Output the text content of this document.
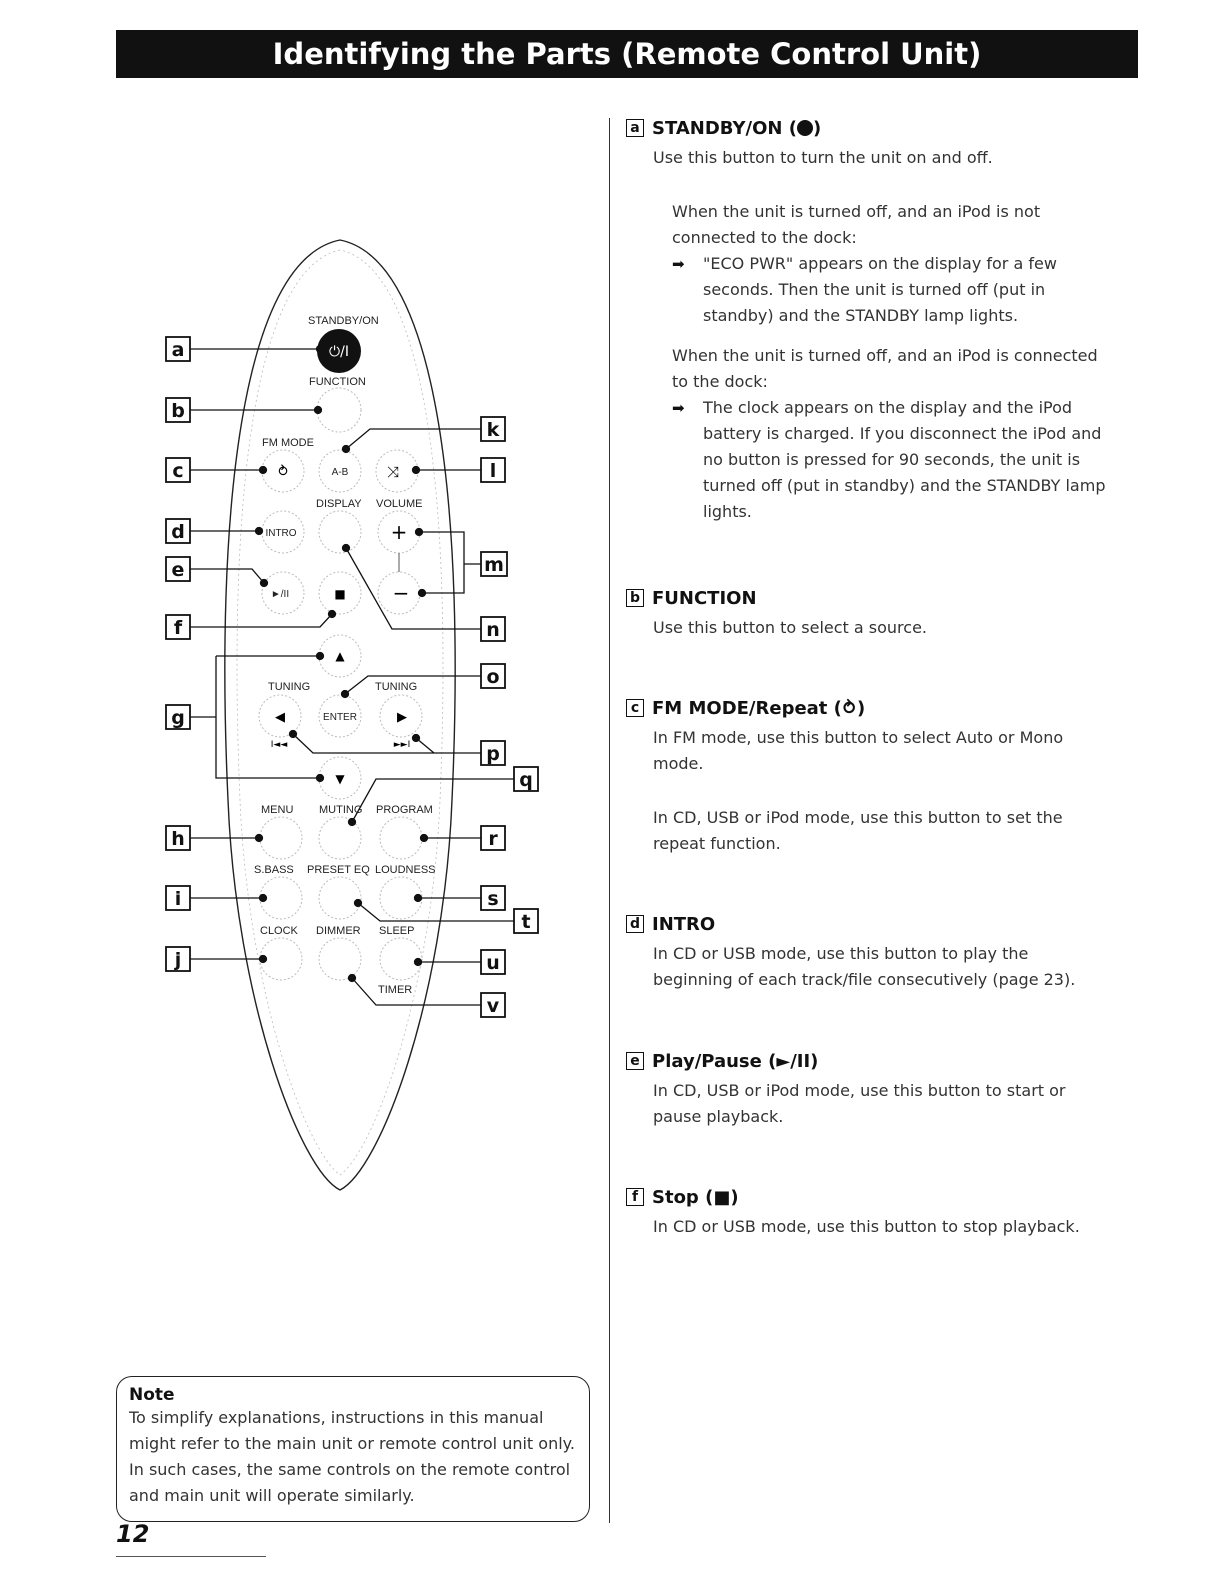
Identifying the Parts (Remote Control Unit)
STANDBY/ON
⏻/I
FUNCTION
FM MODE
⥁	A-B	⤨
DISPLAY VOLUME
INTRO	+
►/II	■ −
▲
TUNING	TUNING
◀	ENTER	▶
I◄◄	►►I
▼
MENU MUTING PROGRAM
S.BASS PRESET EQ LOUDNESS
CLOCK DIMMER SLEEP
TIMER
a
b
c
d
e
f
g
h
i
j
k
l
m
n
o
p
q
r
s
t
u
v
a STANDBY/ON ( )
Use this button to turn the unit on and off.
When the unit is turned off, and an iPod is not connected to the dock:
➡	"ECO PWR" appears on the display for a few seconds. Then the unit is turned off (put in standby) and the STANDBY lamp lights.
When the unit is turned off, and an iPod is connected to the dock:
➡	The clock appears on the display and the iPod battery is charged. If you disconnect the iPod and no button is pressed for 90 seconds, the unit is turned off (put in standby) and the STANDBY lamp lights.
b FUNCTION
Use this button to select a source.
c FM MODE/Repeat (⥁)
In FM mode, use this button to select Auto or Mono mode.
In CD, USB or iPod mode, use this button to set the repeat function.
d INTRO
In CD or USB mode, use this button to play the beginning of each track/file consecutively (page 23).
e Play/Pause (►/II)
In CD, USB or iPod mode, use this button to start or pause playback.
f Stop (■)
In CD or USB mode, use this button to stop playback.
Note
To simplify explanations, instructions in this manual might refer to the main unit or remote control unit only. In such cases, the same controls on the remote control and main unit will operate similarly.
12
